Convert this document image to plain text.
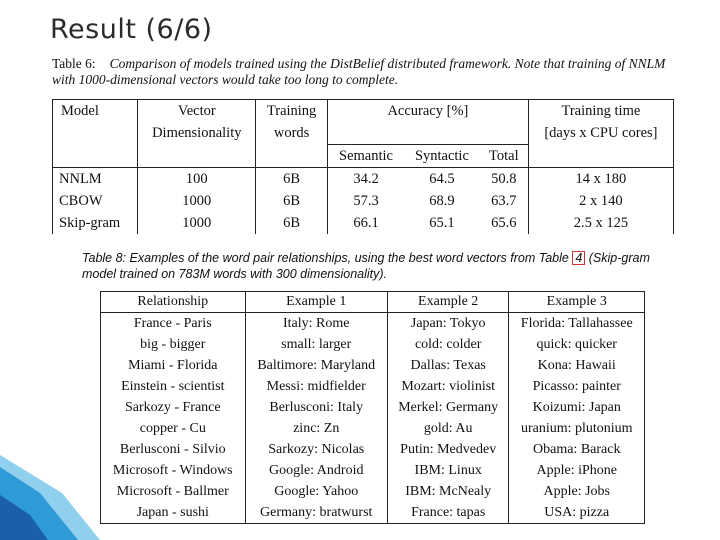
Result (6/6)
Table 6: Comparison of models trained using the DistBelief distributed framework. Note that training of NNLM with 1000-dimensional vectors would take too long to complete.
Model	Vector	Training	Accuracy [%]			Training time
	Dimensionality	words				[days x CPU cores]
			Semantic	Syntactic	Total	
NNLM	100	6B	34.2	64.5	50.8	14 x 180
CBOW	1000	6B	57.3	68.9	63.7	2 x 140
Skip-gram	1000	6B	66.1	65.1	65.6	2.5 x 125
Table 8: Examples of the word pair relationships, using the best word vectors from Table 4 (Skip-gram model trained on 783M words with 300 dimensionality).
Relationship	Example 1	Example 2	Example 3
France - Paris	Italy: Rome	Japan: Tokyo	Florida: Tallahassee
big - bigger	small: larger	cold: colder	quick: quicker
Miami - Florida	Baltimore: Maryland	Dallas: Texas	Kona: Hawaii
Einstein - scientist	Messi: midfielder	Mozart: violinist	Picasso: painter
Sarkozy - France	Berlusconi: Italy	Merkel: Germany	Koizumi: Japan
copper - Cu	zinc: Zn	gold: Au	uranium: plutonium
Berlusconi - Silvio	Sarkozy: Nicolas	Putin: Medvedev	Obama: Barack
Microsoft - Windows	Google: Android	IBM: Linux	Apple: iPhone
Microsoft - Ballmer	Google: Yahoo	IBM: McNealy	Apple: Jobs
Japan - sushi	Germany: bratwurst	France: tapas	USA: pizza
